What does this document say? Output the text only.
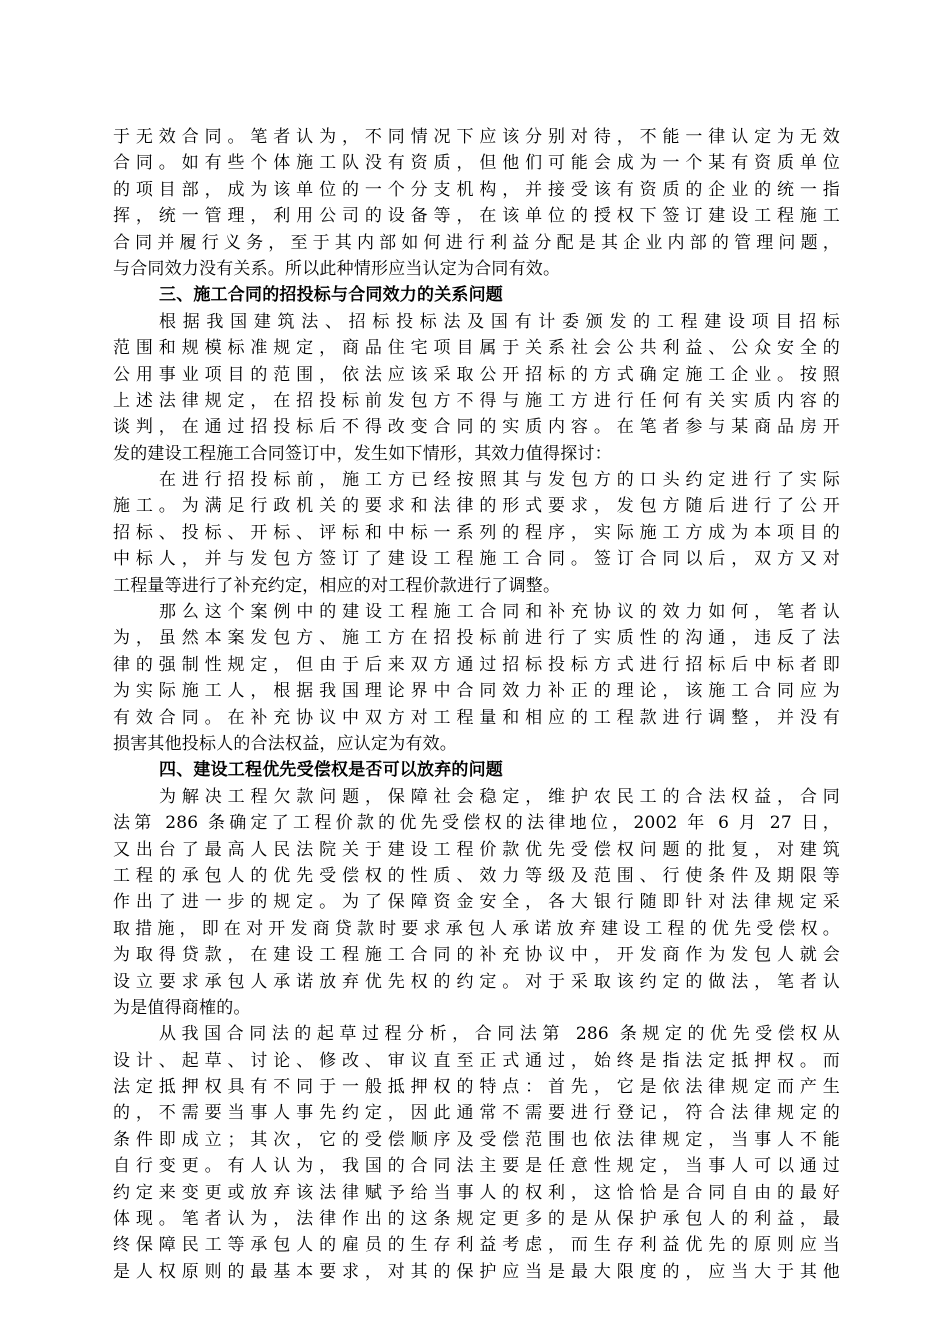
于无效合同。笔者认为，不同情况下应该分别对待，不能一律认定为无效
合同。如有些个体施工队没有资质，但他们可能会成为一个某有资质单位
的项目部，成为该单位的一个分支机构，并接受该有资质的企业的统一指
挥，统一管理，利用公司的设备等，在该单位的授权下签订建设工程施工
合同并履行义务，至于其内部如何进行利益分配是其企业内部的管理问题，
与合同效力没有关系。所以此种情形应当认定为合同有效。
三、施工合同的招投标与合同效力的关系问题
根据我国建筑法、招标投标法及国有计委颁发的工程建设项目招标
范围和规模标准规定，商品住宅项目属于关系社会公共利益、公众安全的
公用事业项目的范围，依法应该采取公开招标的方式确定施工企业。按照
上述法律规定，在招投标前发包方不得与施工方进行任何有关实质内容的
谈判，在通过招投标后不得改变合同的实质内容。在笔者参与某商品房开
发的建设工程施工合同签订中，发生如下情形，其效力值得探讨：
在进行招投标前，施工方已经按照其与发包方的口头约定进行了实际
施工。为满足行政机关的要求和法律的形式要求，发包方随后进行了公开
招标、投标、开标、评标和中标一系列的程序，实际施工方成为本项目的
中标人，并与发包方签订了建设工程施工合同。签订合同以后，双方又对
工程量等进行了补充约定，相应的对工程价款进行了调整。
那么这个案例中的建设工程施工合同和补充协议的效力如何，笔者认
为，虽然本案发包方、施工方在招投标前进行了实质性的沟通，违反了法
律的强制性规定，但由于后来双方通过招标投标方式进行招标后中标者即
为实际施工人，根据我国理论界中合同效力补正的理论，该施工合同应为
有效合同。在补充协议中双方对工程量和相应的工程款进行调整，并没有
损害其他投标人的合法权益，应认定为有效。
四、建设工程优先受偿权是否可以放弃的问题
为解决工程欠款问题，保障社会稳定，维护农民工的合法权益，合同
法第 286 条确定了工程价款的优先受偿权的法律地位，2002 年 6 月 27 日，
又出台了最高人民法院关于建设工程价款优先受偿权问题的批复，对建筑
工程的承包人的优先受偿权的性质、效力等级及范围、行使条件及期限等
作出了进一步的规定。为了保障资金安全，各大银行随即针对法律规定采
取措施，即在对开发商贷款时要求承包人承诺放弃建设工程的优先受偿权。
为取得贷款，在建设工程施工合同的补充协议中，开发商作为发包人就会
设立要求承包人承诺放弃优先权的约定。对于采取该约定的做法，笔者认
为是值得商榷的。
从我国合同法的起草过程分析，合同法第 286 条规定的优先受偿权从
设计、起草、讨论、修改、审议直至正式通过，始终是指法定抵押权。而
法定抵押权具有不同于一般抵押权的特点：首先，它是依法律规定而产生
的，不需要当事人事先约定，因此通常不需要进行登记，符合法律规定的
条件即成立；其次，它的受偿顺序及受偿范围也依法律规定，当事人不能
自行变更。有人认为，我国的合同法主要是任意性规定，当事人可以通过
约定来变更或放弃该法律赋予给当事人的权利，这恰恰是合同自由的最好
体现。笔者认为，法律作出的这条规定更多的是从保护承包人的利益，最
终保障民工等承包人的雇员的生存利益考虑，而生存利益优先的原则应当
是人权原则的最基本要求，对其的保护应当是最大限度的，应当大于其他
